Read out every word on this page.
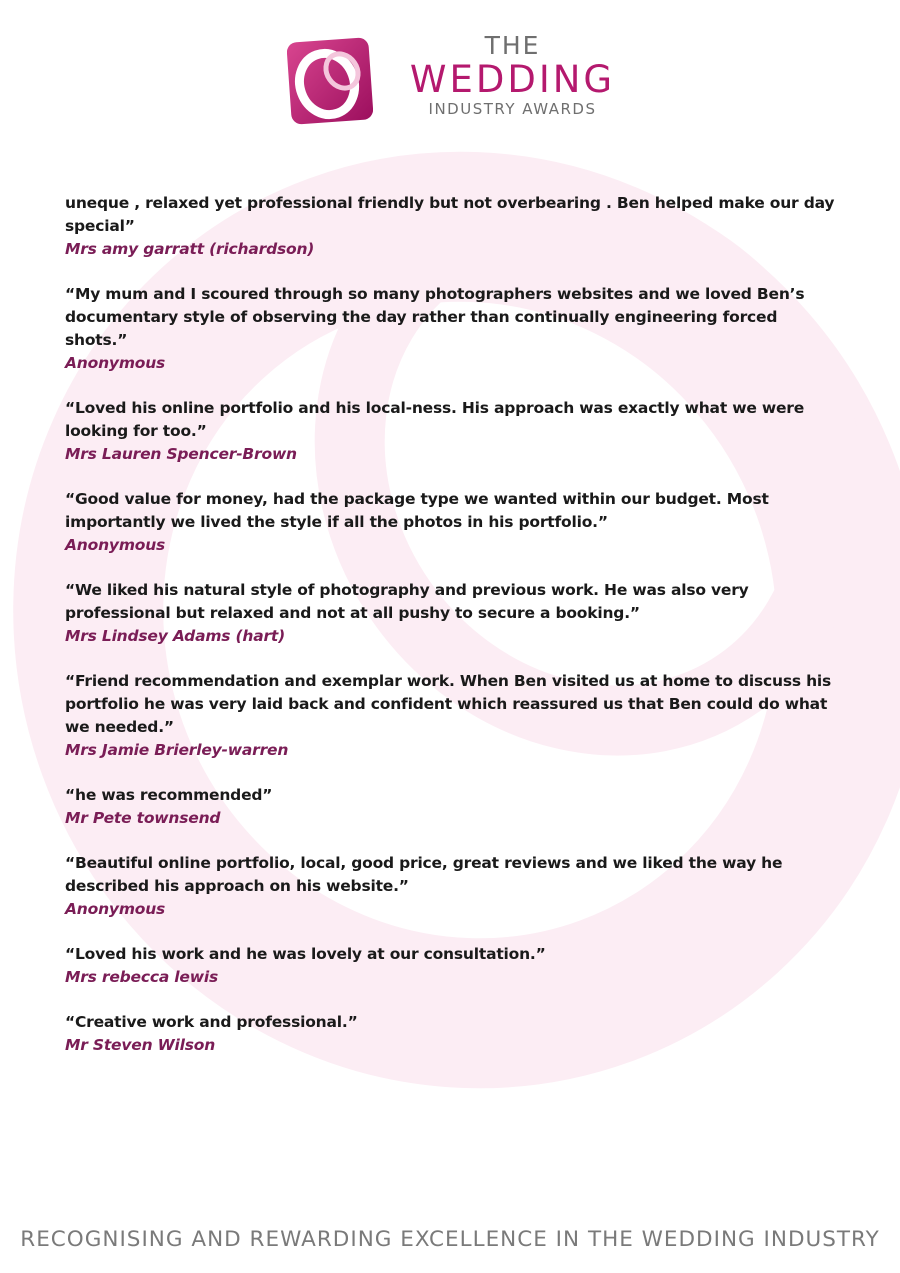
THE
WEDDING
INDUSTRY AWARDS

uneque , relaxed yet professional friendly but not overbearing . Ben helped make our day special”

Mrs amy garratt (richardson)

“My mum and I scoured through so many photographers websites and we loved Ben’s documentary style of observing the day rather than continually engineering forced shots.”

Anonymous

“Loved his online portfolio and his local-ness. His approach was exactly what we were looking for too.”

Mrs Lauren Spencer-Brown

“Good value for money, had the package type we wanted within our budget. Most importantly we lived the style if all the photos in his portfolio.”

Anonymous

“We liked his natural style of photography and previous work. He was also very professional but relaxed and not at all pushy to secure a booking.”

Mrs Lindsey Adams (hart)

“Friend recommendation and exemplar work. When Ben visited us at home to discuss his portfolio he was very laid back and confident which reassured us that Ben could do what we needed.”

Mrs Jamie Brierley-warren

“he was recommended”

Mr Pete townsend

“Beautiful online portfolio, local, good price, great reviews and we liked the way he described his approach on his website.”

Anonymous

“Loved his work and he was lovely at our consultation.”

Mrs rebecca lewis

“Creative work and professional.”

Mr Steven Wilson

RECOGNISING AND REWARDING EXCELLENCE IN THE WEDDING INDUSTRY
